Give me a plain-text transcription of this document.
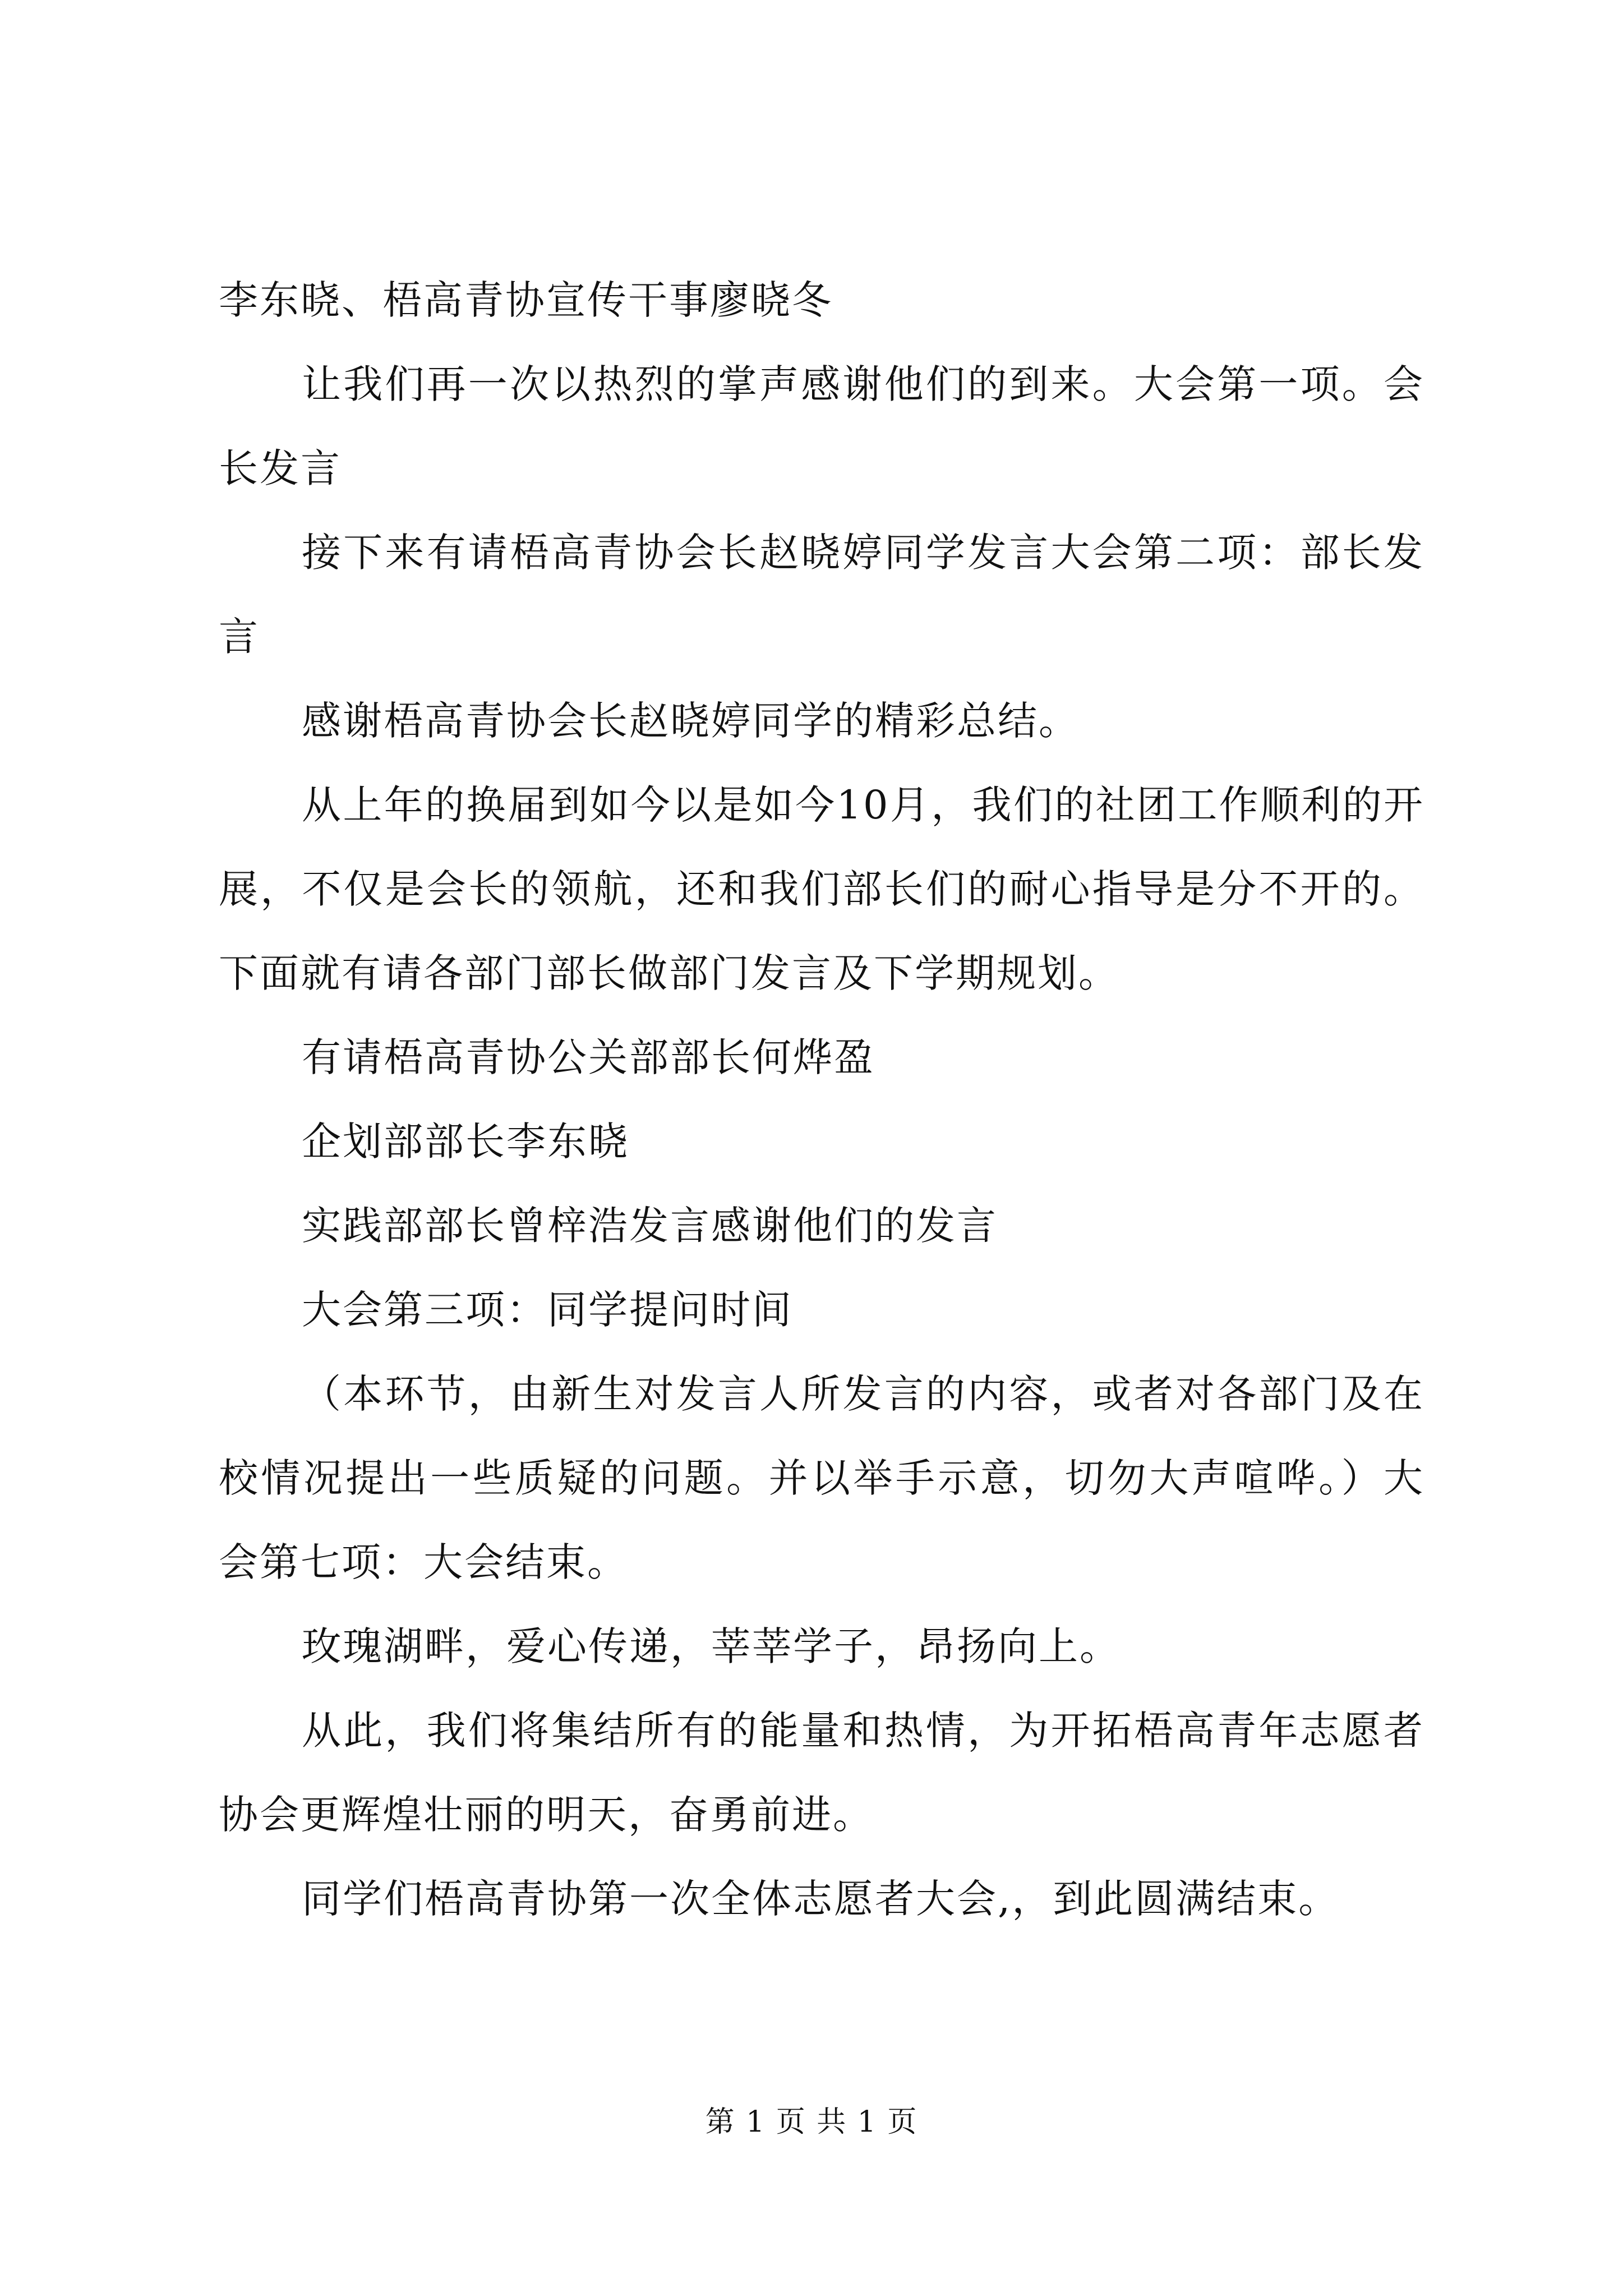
李东晓、梧高青协宣传干事廖晓冬

让我们再一次以热烈的掌声感谢他们的到来。大会第一项。会长发言

接下来有请梧高青协会长赵晓婷同学发言大会第二项：部长发言

感谢梧高青协会长赵晓婷同学的精彩总结。

从上年的换届到如今以是如今10月，我们的社团工作顺利的开展，不仅是会长的领航，还和我们部长们的耐心指导是分不开的。下面就有请各部门部长做部门发言及下学期规划。

有请梧高青协公关部部长何烨盈

企划部部长李东晓

实践部部长曾梓浩发言感谢他们的发言

大会第三项：同学提问时间

（本环节，由新生对发言人所发言的内容，或者对各部门及在校情况提出一些质疑的问题。并以举手示意，切勿大声喧哗。）大会第七项：大会结束。

玫瑰湖畔，爱心传递，莘莘学子，昂扬向上。

从此，我们将集结所有的能量和热情，为开拓梧高青年志愿者协会更辉煌壮丽的明天，奋勇前进。

同学们梧高青协第一次全体志愿者大会,，到此圆满结束。

第 1 页 共 1 页
